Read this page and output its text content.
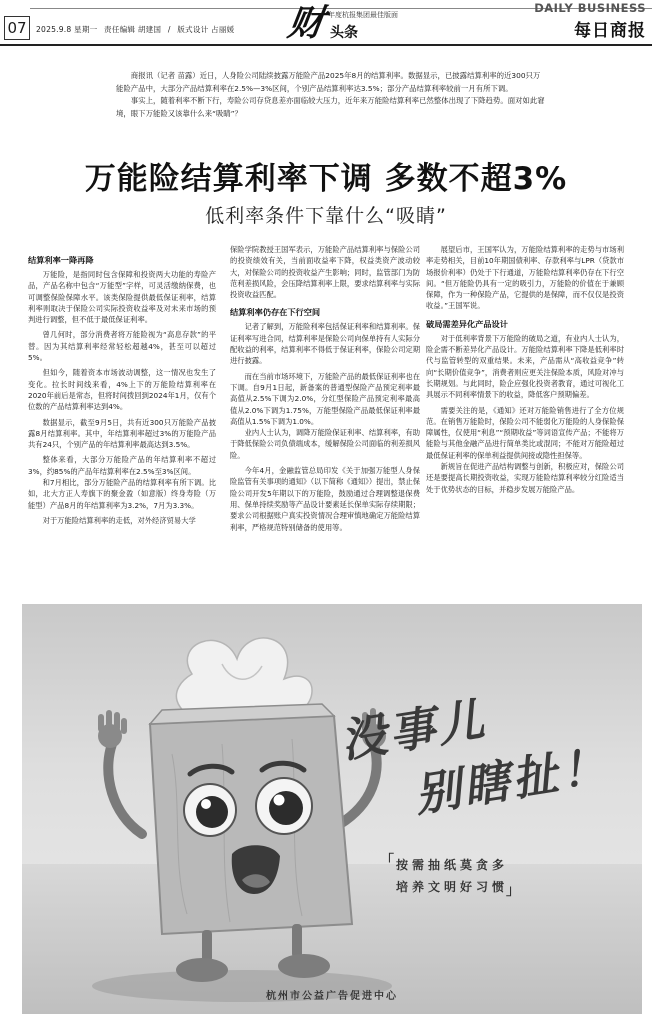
07	2025.9.8 星期一 责任编辑 胡建国 / 版式设计 占丽媛 财 年度杭报集团最佳版面
头条
DAILY BUSINESS
每日商报

商报讯（记者 苗露）近日，人身险公司陆续披露万能险产品2025年8月的结算利率。数据显示，已披露结算利率的近300只万能险产品中，大部分产品结算利率在2.5%—3%区间，个别产品结算利率达3.5%；部分产品结算利率较前一月有所下调。

事实上，随着利率不断下行，寿险公司存贷息差亦面临较大压力，近年来万能险结算利率已然整体出现了下降趋势。面对如此窘境，眼下万能险又该靠什么来“吸睛”？

万能险结算利率下调 多数不超3%
低利率条件下靠什么“吸睛”
结算利率一降再降

万能险，是指同时包含保障和投资两大功能的寿险产品，产品名称中包含“万能型”字样，可灵活缴纳保费，也可调整保险保障水平。该类保险提供最低保证利率，结算利率则取决于保险公司实际投资收益率及对未来市场的预判进行调整，但不低于最低保证利率。

曾几何时，部分消费者将万能险视为“高息存款”的平替。因为其结算利率经常轻松超越4%，甚至可以超过5%。

但如今，随着资本市场波动调整，这一情况也发生了变化。拉长时间线来看，4%上下的万能险结算利率在2020年前后是常态，但将时间拨回到2024年1月，仅有个位数的产品结算利率达到4%。

数据显示，截至9月5日，共有近300只万能险产品披露8月结算利率。其中，年结算利率超过3%的万能险产品共有24只，个别产品的年结算利率最高达到3.5%。

整体来看，大部分万能险产品的年结算利率不超过3%，约85%的产品年结算利率在2.5%至3%区间。

和7月相比，部分万能险产品的结算利率有所下调。比如，北大方正人寿旗下的聚金盈（如意版）终身寿险（万能型）产品8月的年结算利率为3.2%，7月为3.3%。

对于万能险结算利率的走低，对外经济贸易大学

保险学院教授王国军表示，万能险产品结算利率与保险公司的投资绩效有关，当前面收益率下降，权益类资产波动较大，对保险公司的投资收益产生影响；同时，监管部门为防范利差损风险，会压降结算利率上限，要求结算利率与实际投资收益匹配。

结算利率仍存在下行空间

记者了解到，万能险利率包括保证利率和结算利率。保证利率写进合同，结算利率是保险公司向保单持有人实际分配收益的利率，结算利率不得低于保证利率，保险公司定期进行披露。

而在当前市场环境下，万能险产品的最低保证利率也在下调。自9月1日起，新备案的普通型保险产品预定利率最高值从2.5%下调为2.0%，分红型保险产品预定利率最高值从2.0%下调为1.75%，万能型保险产品最低保证利率最高值从1.5%下调为1.0%。

业内人士认为，调降万能险保证利率、结算利率，有助于降低保险公司负债端成本，缓解保险公司面临的利差损风险。

今年4月，金融监管总局印发《关于加强万能型人身保险监管有关事项的通知》（以下简称《通知》）提出，禁止保险公司开发5年期以下的万能险，鼓励通过合理调整退保费用、保单持续奖励等产品设计要素延长保单实际存续期限；要求公司根据账户真实投资情况合理审慎地确定万能险结算利率，严格规范特别储备的使用等。

展望后市，王国军认为，万能险结算利率的走势与市场利率走势相关，目前10年期国债利率、存款利率与LPR（贷款市场报价利率）仍处于下行通道，万能险结算利率仍存在下行空间。“但万能险仍具有一定的吸引力，万能险的价值在于兼顾保障，作为一种保险产品，它提供的是保障，而不仅仅是投资收益。”王国军说。

破局需差异化产品设计

对于低利率背景下万能险的破局之道，有业内人士认为，险企需不断差异化产品设计。万能险结算利率下降是低利率时代与监管转型的双重结果。未来，产品需从“高收益竞争”转向“长期价值竞争”，消费者则应更关注保险本质，风险对冲与长期规划。与此同时，险企应强化投资者教育，通过可视化工具展示不同利率情景下的收益，降低客户预期偏差。

需要关注的是，《通知》还对万能险销售进行了全方位规范。在销售万能险时，保险公司不能弱化万能险的人身保险保障属性，仅使用“利息”“预期收益”等词语宣传产品；不能将万能险与其他金融产品进行简单类比或混同；不能对万能险超过最低保证利率的保单利益提供间接或隐性担保等。

新规旨在促进产品结构调整与创新，积极应对，保险公司还是要提高长期投资收益，实现万能险结算利率较分红险适当处于优势状态的目标，并稳步发展万能险产品。

没事儿
别瞎扯！
「
按需抽纸莫贪多
培养文明好习惯
」
杭州市公益广告促进中心
